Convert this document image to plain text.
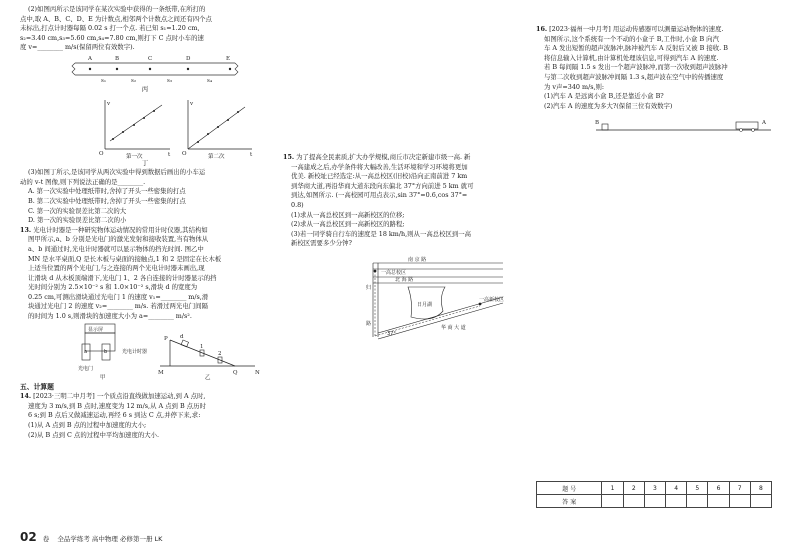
(2)如图丙所示是该同学在某次实验中获得的一条纸带,在所打的

点中,取 A、B、C、D、E 为计数点,相邻两个计数点之间还有四个点

未标出,打点计时器每隔 0.02 s 打一个点. 若已知 s₁=1.20 cm,

s₂=3.40 cm,s₃=5.60 cm,s₄=7.80 cm,则打下 C 点时小车的速

度 v=________ m/s(保留两位有效数字).

A	B	C	D	E
s₁	s₂	s₃	s₄

丙

O
v
t
第一次	O
v
t
第二次

丁

(3)如图丁所示,是该同学从两次实验中得到数据后画出的小车运

动的 v-t 图像,则下列说法正确的是________.

A. 第一次实验中处理纸带时,舍掉了开头一些密集的打点

B. 第二次实验中处理纸带时,舍掉了开头一些密集的打点

C. 第一次的实验误差比第二次的大

D. 第一次的实验误差比第二次的小

13. 光电计时器是一种研究物体运动情况的常用计时仪器,其结构如

图甲所示,a、b 分别是光电门的激光发射和接收装置,当有物体从

a、b 间通过时,光电计时器就可以显示物体的挡光时间. 图乙中

MN 是水平桌面,Q 是长木板与桌面的接触点,1 和 2 是固定在长木板

上适当位置的两个光电门,与之连接的两个光电计时器未画出,现

让滑块 d 从木板顶端滑下,光电门 1、2 各自连接的计时器显示的挡

光时间分别为 2.5×10⁻² s 和 1.0×10⁻² s,滑块 d 的宽度为

0.25 cm,可测出滑块通过光电门 1 的速度 v₁=________ m/s,滑

块通过光电门 2 的速度 v₂=________ m/s. 若滑过两光电门间隔

的时间为 1.0 s,则滑块的加速度大小为 a=________ m/s².

显示屏
光电计时器
a	b
光电门
甲
P
M	Q	N
d
1
2
乙

五、计算题

14. [2023·三明二中月考] 一个质点沿直线做加速运动,到 A 点时,

速度为 3 m/s,到 B 点时,速度变为 12 m/s,从 A 点到 B 点历时

6 s;到 B 点后又做减速运动,再经 6 s 到达 C 点,并停下来,求:

(1)从 A 点到 B 点的过程中加速度的大小;

(2)从 B 点到 C 点的过程中平均加速度的大小.

15. 为了提高全民素质,扩大办学规模,商丘市决定新建市级一高. 新

一高建成之后,办学条件将大幅改善,生活环境和学习环境将更加

优美. 新校址已经选定:从一高总校区(旧校)沿向正南前进 7 km

到华商大道,再沿华商大道东段向东偏北 37°方向前进 5 km 就可

到达,如图所示. (一高校园可用点表示,sin 37°=0.6,cos 37°=

0.8)

(1)求从一高总校区到一高新校区的位移;

(2)求从一高总校区到一高新校区的路程;

(3)若一同学骑自行车的速度是 18 km/h,则从一高总校区到一高

新校区需要多少分钟?

南 京 路
一高总校区
北 海 路
一高新校区
日月湖
华 商 大 道
37°
归
路

16. [2023·福州一中月考] 用运动传感器可以测量运动物体的速度.

如图所示,这个系统有一个不动的小盒子 B,工作时,小盒 B 向汽

车 A 发出短暂的超声波脉冲,脉冲被汽车 A 反射后又被 B 接收. B

将信息输入计算机,由计算机处理该信息,可得到汽车 A 的速度.

若 B 每间隔 1.5 s 发出一个超声波脉冲,而第一次收到超声波脉冲

与第二次收到超声波脉冲间隔 1.3 s,超声波在空气中的传播速度

为 v声=340 m/s,则:

(1)汽车 A 是远离小盒 B,还是靠近小盒 B?

(2)汽车 A 的速度为多大?(保留三位有效数字)

B	A
题 号	1	2	3	4	5	6	7	8
答 案								
02 卷 全品学练考 高中物理 必修第一册 LK
